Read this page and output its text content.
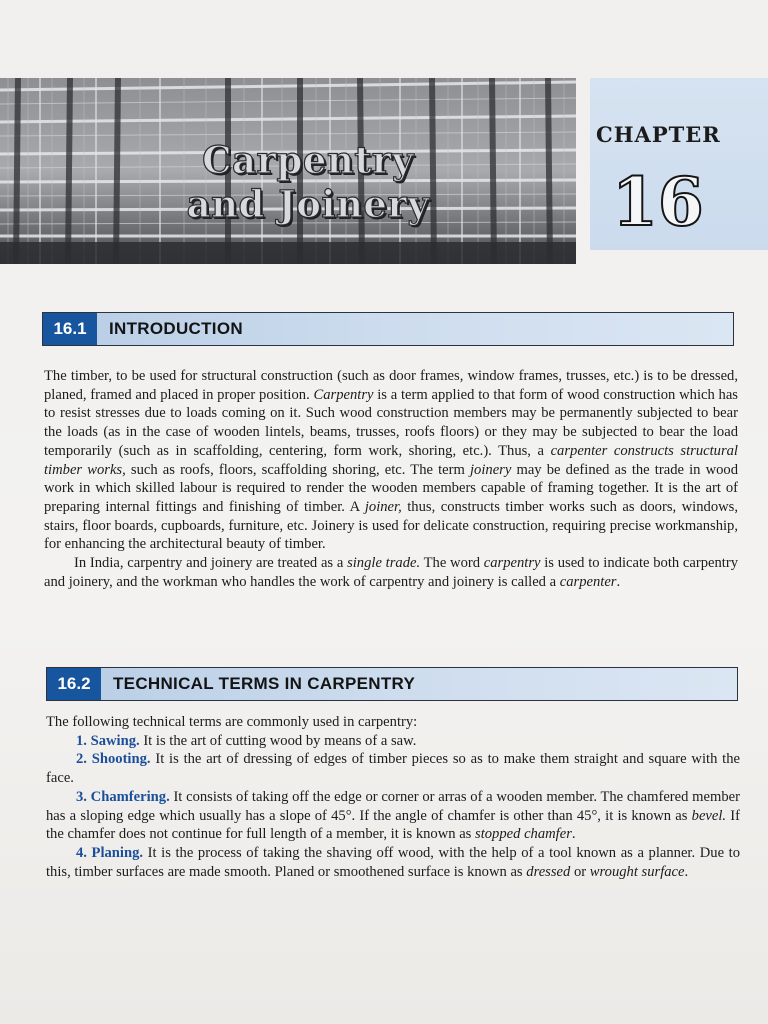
Carpentry
and Joinery
CHAPTER
16
16.1	INTRODUCTION

The timber, to be used for structural construction (such as door frames, window frames, trusses, etc.) is to be dressed, planed, framed and placed in proper position. Carpentry is a term applied to that form of wood construction which has to resist stresses due to loads coming on it. Such wood construction members may be permanently subjected to bear the loads (as in the case of wooden lintels, beams, trusses, roofs floors) or they may be subjected to bear the load temporarily (such as in scaffolding, centering, form work, shoring, etc.). Thus, a carpenter constructs structural timber works, such as roofs, floors, scaffolding shoring, etc. The term joinery may be defined as the trade in wood work in which skilled labour is required to render the wooden members capable of framing together. It is the art of preparing internal fittings and finishing of timber. A joiner, thus, constructs timber works such as doors, windows, stairs, floor boards, cupboards, furniture, etc. Joinery is used for delicate construction, requiring precise workmanship, for enhancing the architectural beauty of timber.

In India, carpentry and joinery are treated as a single trade. The word carpentry is used to indicate both carpentry and joinery, and the workman who handles the work of carpentry and joinery is called a carpenter.

16.2	TECHNICAL TERMS IN CARPENTRY

The following technical terms are commonly used in carpentry:

1. Sawing. It is the art of cutting wood by means of a saw.

2. Shooting. It is the art of dressing of edges of timber pieces so as to make them straight and square with the face.

3. Chamfering. It consists of taking off the edge or corner or arras of a wooden member. The chamfered member has a sloping edge which usually has a slope of 45°. If the angle of chamfer is other than 45°, it is known as bevel. If the chamfer does not continue for full length of a member, it is known as stopped chamfer.

4. Planing. It is the process of taking the shaving off wood, with the help of a tool known as a planner. Due to this, timber surfaces are made smooth. Planed or smoothened surface is known as dressed or wrought surface.
